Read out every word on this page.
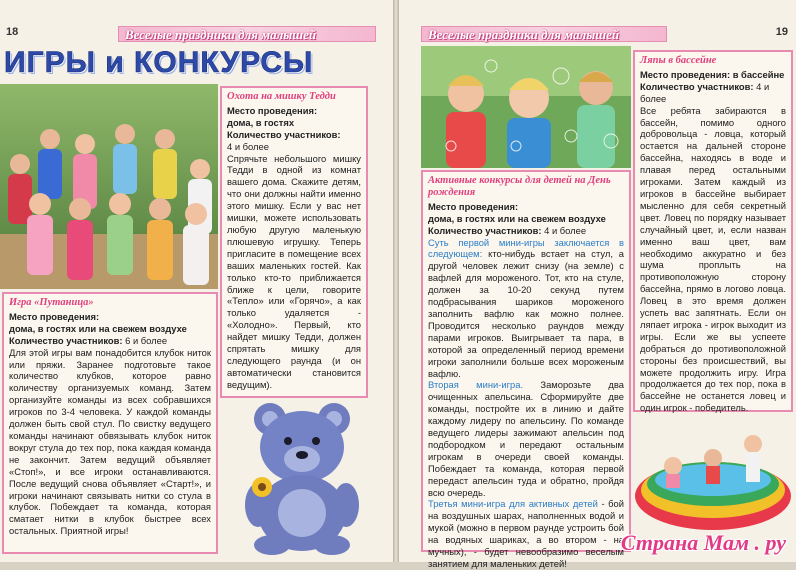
18	Веселые праздники для малышей
ИГРЫ и КОНКУРСЫ
Охота на мишку Тедди
Место проведения:
дома, в гостях
Количество участников:
4 и более

Спрячьте небольшого мишку Тедди в одной из комнат вашего дома. Скажите детям, что они должны найти именно этого мишку. Если у вас нет мишки, можете использовать любую другую маленькую плюшевую игрушку. Теперь пригласите в помещение всех ваших маленьких гостей. Как только кто-то приближается ближе к цели, говорите «Тепло» или «Горячо», а как только удаляется - «Холодно». Первый, кто найдет мишку Тедди, должен спрятать мишку для следующего раунда (и он автоматически становится ведущим).

Игра «Путаница»
Место проведения:
дома, в гостях или на свежем воздухе
Количество участников: 6 и более

Для этой игры вам понадобится клубок ниток или пряжи. Заранее подготовьте такое количество клубков, которое равно количеству организуемых команд. Затем организуйте команды из всех собравшихся игроков по 3-4 человека. У каждой команды должен быть свой стул. По свистку ведущего команды начинают обвязывать клубок ниток вокруг стула до тех пор, пока каждая команда не закончит. Затем ведущий объявляет «Стоп!», и все игроки останавливаются. После ведущий снова объявляет «Старт!», и игроки начинают связывать нитки со стула в клубок. Побеждает та команда, которая сматает нитки в клубок быстрее всех остальных. Приятной игры!

Веселые праздники для малышей	19
Ляпы в бассейне
Место проведения: в бассейне
Количество участников: 4 и более

Все ребята забираются в бассейн, помимо одного добровольца - ловца, который остается на дальней стороне бассейна, находясь в воде и плавая перед остальными игроками. Затем каждый из игроков в бассейне выбирает мысленно для себя секретный цвет. Ловец по порядку называет случайный цвет, и, если назван именно ваш цвет, вам необходимо аккуратно и без шума проплыть на противоположную сторону бассейна, прямо в логово ловца. Ловец в это время должен успеть вас запятнать. Если он ляпает игрока - игрок выходит из игры. Если же вы успеете добраться до противоположной стороны без происшествий, вы можете продолжить игру. Игра продолжается до тех пор, пока в бассейне не останется ловец и один игрок - победитель.

Активные конкурсы для детей на День рождения
Место проведения:
дома, в гостях или на свежем воздухе
Количество участников: 4 и более

Суть первой мини-игры заключается в следующем: кто-нибудь встает на стул, а другой человек лежит снизу (на земле) с вафлей для мороженого. Тот, кто на стуле, должен за 10-20 секунд путем подбрасывания шариков мороженого заполнить вафлю как можно полнее. Проводится несколько раундов между парами игроков. Выигрывает та пара, в которой за определенный период времени игроки заполнили больше всех мороженым вафлю.

Вторая мини-игра. Заморозьте два очищенных апельсина. Сформируйте две команды, постройте их в линию и дайте каждому лидеру по апельсину. По команде ведущего лидеры зажимают апельсин под подбородком и передают остальным игрокам в очереди своей команды. Побеждает та команда, которая первой передаст апельсин туда и обратно, пройдя всю очередь.

Третья мини-игра для активных детей - бой на воздушных шарах, наполненных водой и мукой (можно в первом раунде устроить бой на водяных шариках, а во втором - на мучных), - будет невообразимо веселым занятием для маленьких детей!

Страна Мам . ру
